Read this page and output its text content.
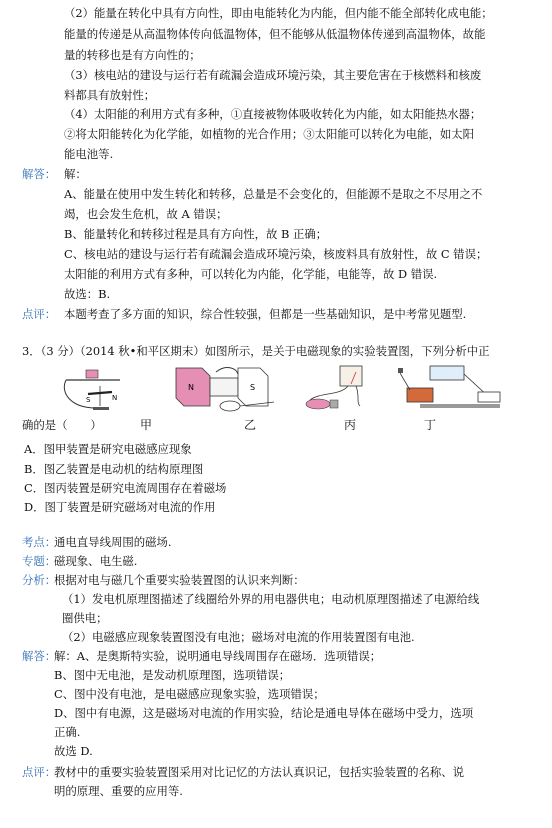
（2）能量在转化中具有方向性，即由电能转化为内能，但内能不能全部转化成电能；
能量的传递是从高温物体传向低温物体，但不能够从低温物体传递到高温物体，故能
量的转移也是有方向性的；
（3）核电站的建设与运行若有疏漏会造成环境污染，其主要危害在于核燃料和核废
料都具有放射性；
（4）太阳能的利用方式有多种，①直接被物体吸收转化为内能，如太阳能热水器；
②将太阳能转化为化学能，如植物的光合作用；③太阳能可以转化为电能，如太阳
能电池等.
解答： 解：
A、能量在使用中发生转化和转移，总量是不会变化的，但能源不是取之不尽用之不
竭，也会发生危机，故 A 错误；
B、能量转化和转移过程是具有方向性，故 B 正确；
C、核电站的建设与运行若有疏漏会造成环境污染，核废料具有放射性，故 C 错误；
太阳能的利用方式有多种，可以转化为内能，化学能，电能等，故 D 错误.
故选：B.
点评： 本题考查了多方面的知识，综合性较强，但都是一些基础知识，是中考常见题型.
3．（3 分）（2014 秋•和平区期末）如图所示，是关于电磁现象的实验装置图，下列分析中正
S	N
N	S
确的是（　　）	甲	乙	丙	丁
A．图甲装置是研究电磁感应现象
B．图乙装置是电动机的结构原理图
C．图丙装置是研究电流周围存在着磁场
D．图丁装置是研究磁场对电流的作用
考点：
通电直导线周围的磁场.
专题：
磁现象、电生磁.
分析：
根据对电与磁几个重要实验装置图的认识来判断：
（1）发电机原理图描述了线圈给外界的用电器供电；电动机原理图描述了电源给线
圈供电；
（2）电磁感应现象装置图没有电池；磁场对电流的作用装置图有电池.
解答：
解：A、是奥斯特实验，说明通电导线周围存在磁场．选项错误；
B、图中无电池，是发动机原理图，选项错误；
C、图中没有电池，是电磁感应现象实验，选项错误；
D、图中有电源，这是磁场对电流的作用实验，结论是通电导体在磁场中受力，选项
正确.
故选 D.
点评：
教材中的重要实验装置图采用对比记忆的方法认真识记，包括实验装置的名称、说
明的原理、重要的应用等.
